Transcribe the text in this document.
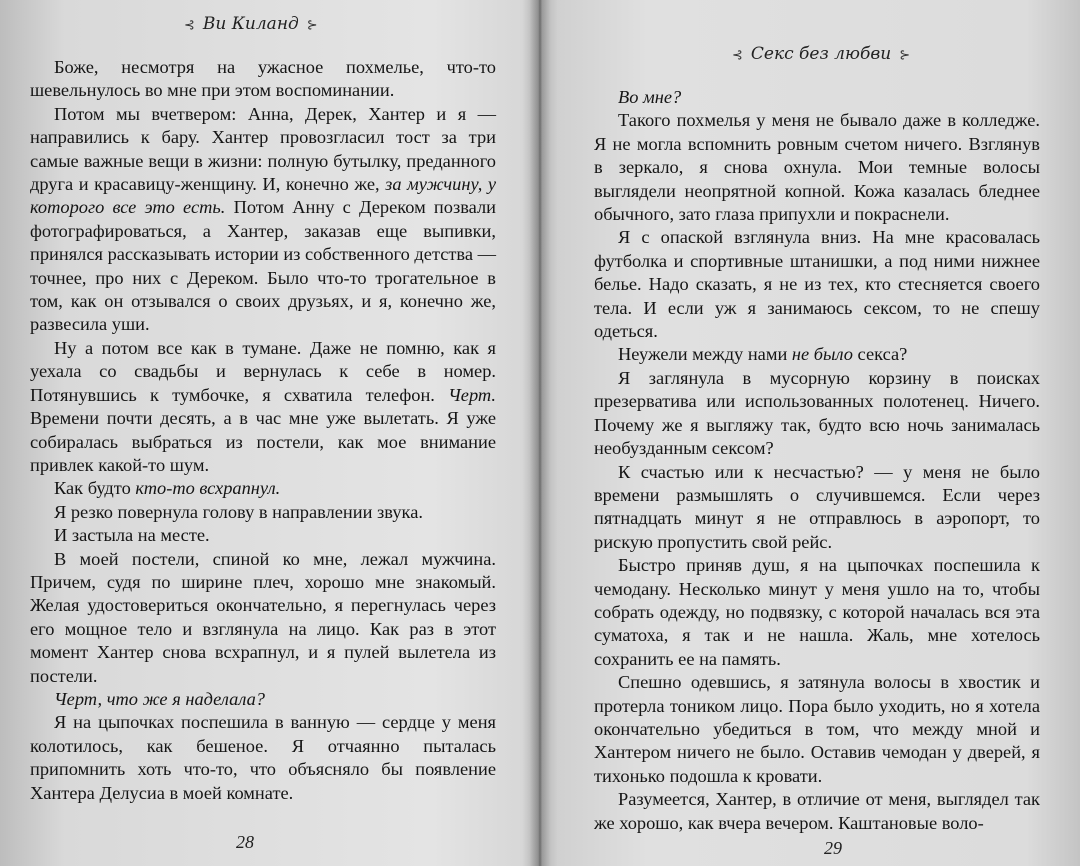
⊰ Ви Киланд ⊱

Боже, несмотря на ужасное похмелье, что-то шевельнулось во мне при этом воспоминании.

Потом мы вчетвером: Анна, Дерек, Хантер и я — направились к бару. Хантер провозгласил тост за три самые важные вещи в жизни: полную бутылку, преданного друга и красавицу-женщину. И, конечно же, за мужчину, у которого все это есть. Потом Анну с Дереком позвали фотографироваться, а Хантер, заказав еще выпивки, принялся рассказывать истории из собственного детства — точнее, про них с Дереком. Было что-то трогательное в том, как он отзывался о своих друзьях, и я, конечно же, развесила уши.

Ну а потом все как в тумане. Даже не помню, как я уехала со свадьбы и вернулась к себе в номер. Потянувшись к тумбочке, я схватила телефон. Черт. Времени почти десять, а в час мне уже вылетать. Я уже собиралась выбраться из постели, как мое внимание привлек какой-то шум.

Как будто кто-то всхрапнул.

Я резко повернула голову в направлении звука.

И застыла на месте.

В моей постели, спиной ко мне, лежал мужчина. Причем, судя по ширине плеч, хорошо мне знакомый. Желая удостовериться окончательно, я перегнулась через его мощное тело и взглянула на лицо. Как раз в этот момент Хантер снова всхрапнул, и я пулей вылетела из постели.

Черт, что же я наделала?

Я на цыпочках поспешила в ванную — сердце у меня колотилось, как бешеное. Я отчаянно пыталась припомнить хоть что-то, что объясняло бы появление Хантера Делусиа в моей комнате.

28
⊰ Секс без любви ⊱

Во мне?

Такого похмелья у меня не бывало даже в колледже. Я не могла вспомнить ровным счетом ничего. Взглянув в зеркало, я снова охнула. Мои темные волосы выглядели неопрятной копной. Кожа казалась бледнее обычного, зато глаза припухли и покраснели.

Я с опаской взглянула вниз. На мне красовалась футболка и спортивные штанишки, а под ними нижнее белье. Надо сказать, я не из тех, кто стесняется своего тела. И если уж я занимаюсь сексом, то не спешу одеться.

Неужели между нами не было секса?

Я заглянула в мусорную корзину в поисках презерватива или использованных полотенец. Ничего. Почему же я выгляжу так, будто всю ночь занималась необузданным сексом?

К счастью или к несчастью? — у меня не было времени размышлять о случившемся. Если через пятнадцать минут я не отправлюсь в аэропорт, то рискую пропустить свой рейс.

Быстро приняв душ, я на цыпочках поспешила к чемодану. Несколько минут у меня ушло на то, чтобы собрать одежду, но подвязку, с которой началась вся эта суматоха, я так и не нашла. Жаль, мне хотелось сохранить ее на память.

Спешно одевшись, я затянула волосы в хвостик и протерла тоником лицо. Пора было уходить, но я хотела окончательно убедиться в том, что между мной и Хантером ничего не было. Оставив чемодан у дверей, я тихонько подошла к кровати.

Разумеется, Хантер, в отличие от меня, выглядел так же хорошо, как вчера вечером. Каштановые воло-

29
